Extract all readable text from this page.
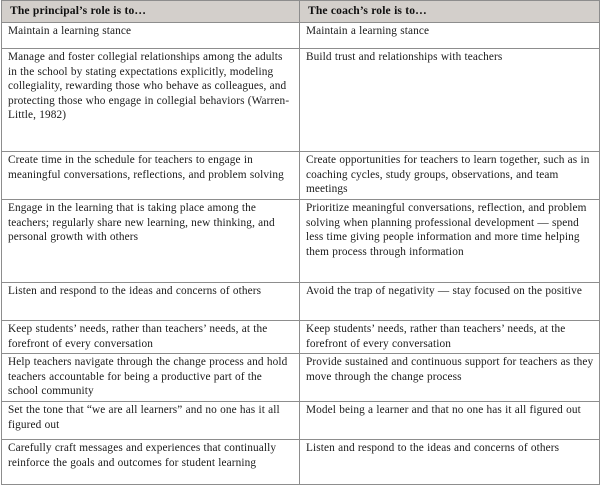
The principal’s role is to…	The coach’s role is to…
Maintain a learning stance	Maintain a learning stance
Manage and foster collegial relationships among the adults in the school by stating expectations explicitly, modeling collegiality, rewarding those who behave as colleagues, and protecting those who engage in collegial behaviors (Warren-Little, 1982)	Build trust and relationships with teachers
Create time in the schedule for teachers to engage in meaningful conversations, reflections, and problem solving	Create opportunities for teachers to learn together, such as in coaching cycles, study groups, observations, and team meetings
Engage in the learning that is taking place among the teachers; regularly share new learning, new thinking, and personal growth with others	Prioritize meaningful conversations, reflection, and problem solving when planning professional development — spend less time giving people information and more time helping them process through information
Listen and respond to the ideas and concerns of others	Avoid the trap of negativity — stay focused on the positive
Keep students’ needs, rather than teachers’ needs, at the forefront of every conversation	Keep students’ needs, rather than teachers’ needs, at the forefront of every conversation
Help teachers navigate through the change process and hold teachers accountable for being a productive part of the school community	Provide sustained and continuous support for teachers as they move through the change process
Set the tone that “we are all learners” and no one has it all figured out	Model being a learner and that no one has it all figured out
Carefully craft messages and experiences that continually reinforce the goals and outcomes for student learning	Listen and respond to the ideas and concerns of others
